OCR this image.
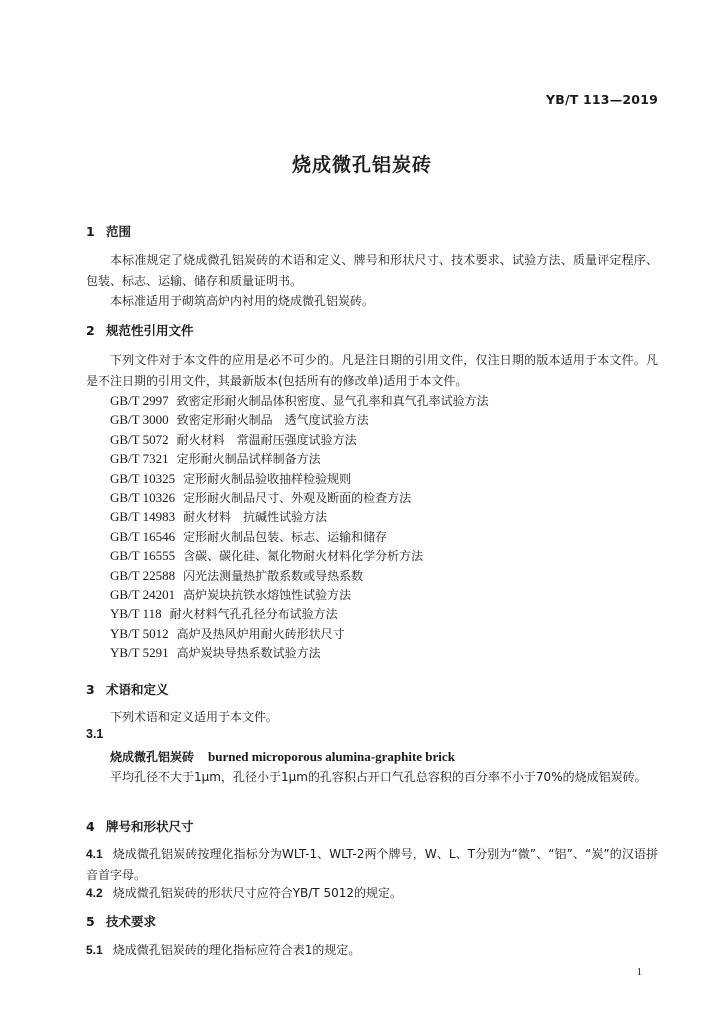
YB/T 113—2019
烧成微孔铝炭砖
1 范围
本标准规定了烧成微孔铝炭砖的术语和定义、牌号和形状尺寸、技术要求、试验方法、质量评定程序、包装、标志、运输、储存和质量证明书。
本标准适用于砌筑高炉内衬用的烧成微孔铝炭砖。
2 规范性引用文件
下列文件对于本文件的应用是必不可少的。凡是注日期的引用文件，仅注日期的版本适用于本文件。凡是不注日期的引用文件，其最新版本(包括所有的修改单)适用于本文件。
GB/T 2997 致密定形耐火制品体积密度、显气孔率和真气孔率试验方法
GB/T 3000 致密定形耐火制品　透气度试验方法
GB/T 5072 耐火材料　常温耐压强度试验方法
GB/T 7321 定形耐火制品试样制备方法
GB/T 10325 定形耐火制品验收抽样检验规则
GB/T 10326 定形耐火制品尺寸、外观及断面的检查方法
GB/T 14983 耐火材料　抗碱性试验方法
GB/T 16546 定形耐火制品包装、标志、运输和储存
GB/T 16555 含碳、碳化硅、氮化物耐火材料化学分析方法
GB/T 22588 闪光法测量热扩散系数或导热系数
GB/T 24201 高炉炭块抗铁水熔蚀性试验方法
YB/T 118 耐火材料气孔孔径分布试验方法
YB/T 5012 高炉及热风炉用耐火砖形状尺寸
YB/T 5291 高炉炭块导热系数试验方法
3 术语和定义
下列术语和定义适用于本文件。
3.1
烧成微孔铝炭砖 burned microporous alumina-graphite brick
平均孔径不大于1μm，孔径小于1μm的孔容积占开口气孔总容积的百分率不小于70%的烧成铝炭砖。
4 牌号和形状尺寸
4.1 烧成微孔铝炭砖按理化指标分为WLT-1、WLT-2两个牌号，W、L、T分别为“微”、“铝”、“炭”的汉语拼音首字母。
4.2 烧成微孔铝炭砖的形状尺寸应符合YB/T 5012的规定。
5 技术要求
5.1 烧成微孔铝炭砖的理化指标应符合表1的规定。
1
